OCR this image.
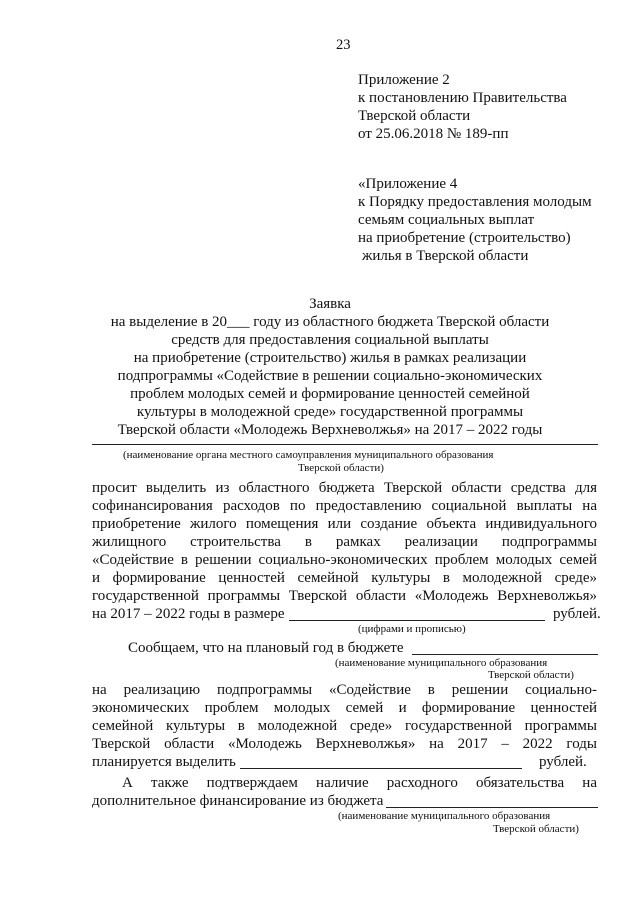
23
Приложение 2
к постановлению Правительства
Тверской области
от 25.06.2018 № 189-пп
«Приложение 4
к Порядку предоставления молодым
семьям социальных выплат
на приобретение (строительство)
жилья в Тверской области
Заявка
на выделение в 20___ году из областного бюджета Тверской области
средств для предоставления социальной выплаты
на приобретение (строительство) жилья в рамках реализации
подпрограммы «Содействие в решении социально-экономических
проблем молодых семей и формирование ценностей семейной
культуры в молодежной среде» государственной программы
Тверской области «Молодежь Верхневолжья» на 2017 – 2022 годы
(наименование органа местного самоуправления муниципального образования
Тверской области)
просит выделить из областного бюджета Тверской области средства для
софинансирования расходов по предоставлению социальной выплаты на
приобретение жилого помещения или создание объекта индивидуального
жилищного строительства в рамках реализации подпрограммы
«Содействие в решении социально-экономических проблем молодых семей
и формирование ценностей семейной культуры в молодежной среде»
государственной программы Тверской области «Молодежь Верхневолжья»
на 2017 – 2022 годы в размере	рублей.
(цифрами и прописью)
Сообщаем, что на плановый год в бюджете
(наименование муниципального образования
Тверской области)
на реализацию подпрограммы «Содействие в решении социально-
экономических проблем молодых семей и формирование ценностей
семейной культуры в молодежной среде» государственной программы
Тверской области «Молодежь Верхневолжья» на 2017 – 2022 годы
планируется выделить	рублей.
А также подтверждаем наличие расходного обязательства на
дополнительное финансирование из бюджета
(наименование муниципального образования
Тверской области)
